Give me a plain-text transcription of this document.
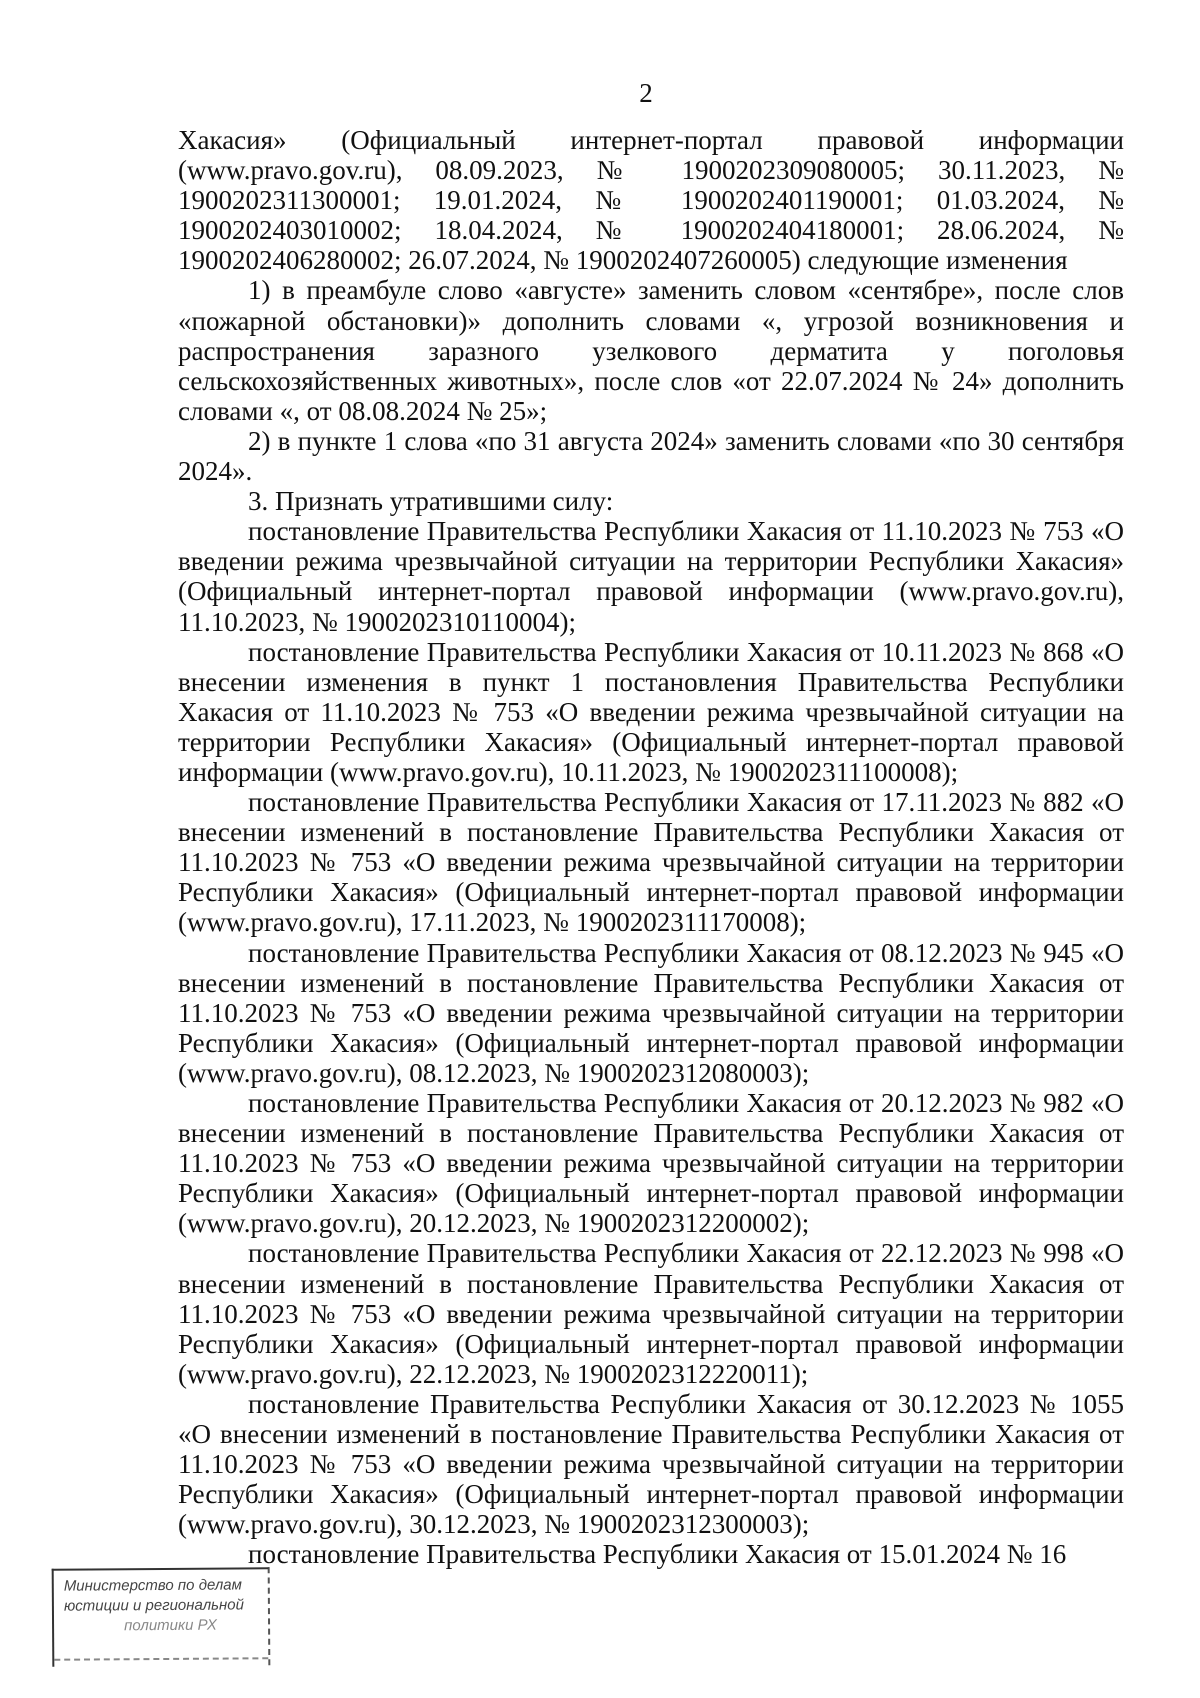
2

Хакасия» (Официальный интернет-портал правовой информации (www.pravo.gov.ru), 08.09.2023, № 1900202309080005; 30.11.2023, № 1900202311300001; 19.01.2024, № 1900202401190001; 01.03.2024, № 1900202403010002; 18.04.2024, № 1900202404180001; 28.06.2024, № 1900202406280002; 26.07.2024, № 1900202407260005) следующие изменения

1) в преамбуле слово «августе» заменить словом «сентябре», после слов «пожарной обстановки)» дополнить словами «, угрозой возникновения и распространения заразного узелкового дерматита у поголовья сельскохозяйственных животных», после слов «от 22.07.2024 № 24» дополнить словами «, от 08.08.2024 № 25»;

2) в пункте 1 слова «по 31 августа 2024» заменить словами «по 30 сентября 2024».

3. Признать утратившими силу:

постановление Правительства Республики Хакасия от 11.10.2023 № 753 «О введении режима чрезвычайной ситуации на территории Республики Хакасия» (Официальный интернет-портал правовой информации (www.pravo.gov.ru), 11.10.2023, № 1900202310110004);

постановление Правительства Республики Хакасия от 10.11.2023 № 868 «О внесении изменения в пункт 1 постановления Правительства Республики Хакасия от 11.10.2023 № 753 «О введении режима чрезвычайной ситуации на территории Республики Хакасия» (Официальный интернет-портал правовой информации (www.pravo.gov.ru), 10.11.2023, № 1900202311100008);

постановление Правительства Республики Хакасия от 17.11.2023 № 882 «О внесении изменений в постановление Правительства Республики Хакасия от 11.10.2023 № 753 «О введении режима чрезвычайной ситуации на территории Республики Хакасия» (Официальный интернет-портал правовой информации (www.pravo.gov.ru), 17.11.2023, № 1900202311170008);

постановление Правительства Республики Хакасия от 08.12.2023 № 945 «О внесении изменений в постановление Правительства Республики Хакасия от 11.10.2023 № 753 «О введении режима чрезвычайной ситуации на территории Республики Хакасия» (Официальный интернет-портал правовой информации (www.pravo.gov.ru), 08.12.2023, № 1900202312080003);

постановление Правительства Республики Хакасия от 20.12.2023 № 982 «О внесении изменений в постановление Правительства Республики Хакасия от 11.10.2023 № 753 «О введении режима чрезвычайной ситуации на территории Республики Хакасия» (Официальный интернет-портал правовой информации (www.pravo.gov.ru), 20.12.2023, № 1900202312200002);

постановление Правительства Республики Хакасия от 22.12.2023 № 998 «О внесении изменений в постановление Правительства Республики Хакасия от 11.10.2023 № 753 «О введении режима чрезвычайной ситуации на территории Республики Хакасия» (Официальный интернет-портал правовой информации (www.pravo.gov.ru), 22.12.2023, № 1900202312220011);

постановление Правительства Республики Хакасия от 30.12.2023 № 1055 «О внесении изменений в постановление Правительства Республики Хакасия от 11.10.2023 № 753 «О введении режима чрезвычайной ситуации на территории Республики Хакасия» (Официальный интернет-портал правовой информации (www.pravo.gov.ru), 30.12.2023, № 1900202312300003);

постановление Правительства Республики Хакасия от 15.01.2024 № 16

Министерство по делам
юстиции и региональной
политики РХ
